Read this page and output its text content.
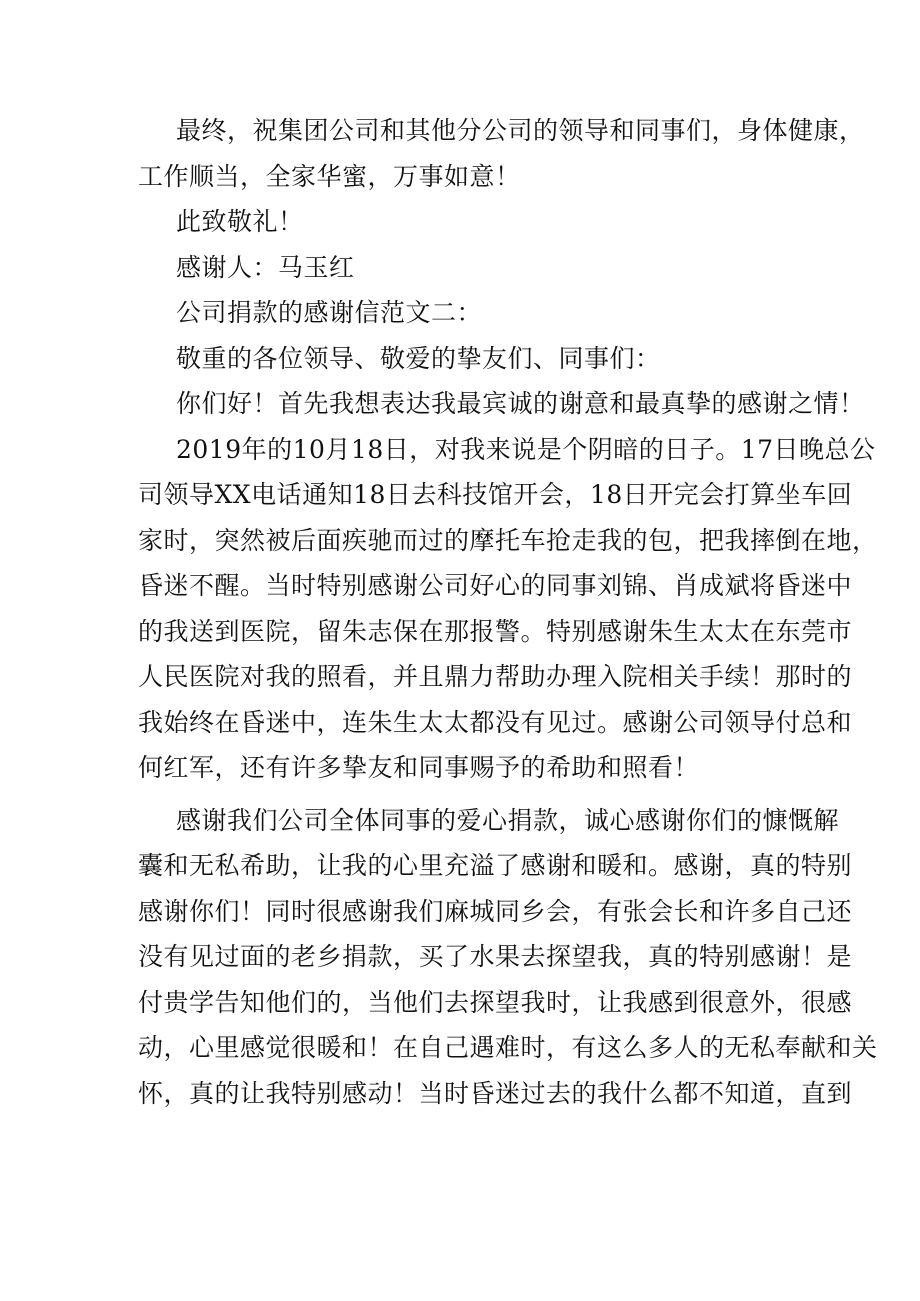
最终，祝集团公司和其他分公司的领导和同事们，身体健康，
工作顺当，全家华蜜，万事如意！
此致敬礼！
感谢人：马玉红
公司捐款的感谢信范文二：
敬重的各位领导、敬爱的挚友们、同事们：
你们好！首先我想表达我最宾诚的谢意和最真挚的感谢之情！
2019年的10月18日，对我来说是个阴暗的日子。17日晚总公
司领导XX电话通知18日去科技馆开会，18日开完会打算坐车回
家时，突然被后面疾驰而过的摩托车抢走我的包，把我摔倒在地，
昏迷不醒。当时特别感谢公司好心的同事刘锦、肖成斌将昏迷中
的我送到医院，留朱志保在那报警。特别感谢朱生太太在东莞市
人民医院对我的照看，并且鼎力帮助办理入院相关手续！那时的
我始终在昏迷中，连朱生太太都没有见过。感谢公司领导付总和
何红军，还有许多挚友和同事赐予的希助和照看！
感谢我们公司全体同事的爱心捐款，诚心感谢你们的慷慨解
囊和无私希助，让我的心里充溢了感谢和暖和。感谢，真的特别
感谢你们！同时很感谢我们麻城同乡会，有张会长和许多自己还
没有见过面的老乡捐款，买了水果去探望我，真的特别感谢！是
付贵学告知他们的，当他们去探望我时，让我感到很意外，很感
动，心里感觉很暖和！在自己遇难时，有这么多人的无私奉献和关
怀，真的让我特别感动！当时昏迷过去的我什么都不知道，直到
